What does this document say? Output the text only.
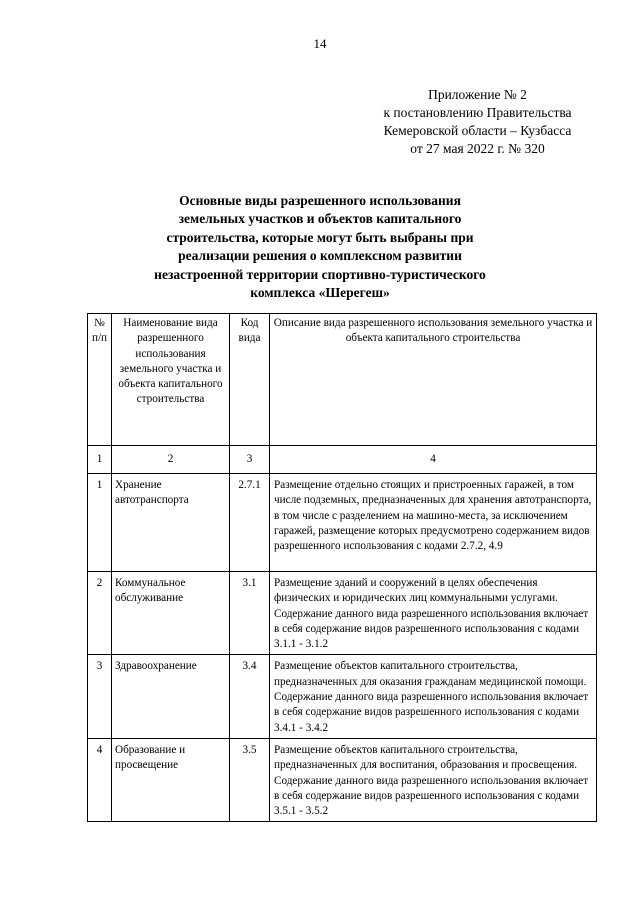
14
Приложение № 2
к постановлению Правительства
Кемеровской области – Кузбасса
от 27 мая 2022 г. № 320
Основные виды разрешенного использования
земельных участков и объектов капитального
строительства, которые могут быть выбраны при
реализации решения о комплексном развитии
незастроенной территории спортивно-туристического
комплекса «Шерегеш»
№ п/п	Наименование вида разрешенного использования земельного участка и объекта капитального строительства	Код вида	Описание вида разрешенного использования земельного участка и объекта капитального строительства
1	2	3	4
1	Хранение автотранспорта	2.7.1	Размещение отдельно стоящих и пристроенных гаражей, в том числе подземных, предназначенных для хранения автотранспорта, в том числе с разделением на машино-места, за исключением гаражей, размещение которых предусмотрено содержанием видов разрешенного использования с кодами 2.7.2, 4.9
2	Коммунальное обслуживание	3.1	Размещение зданий и сооружений в целях обеспечения физических и юридических лиц коммунальными услугами. Содержание данного вида разрешенного использования включает в себя содержание видов разрешенного использования с кодами 3.1.1 - 3.1.2
3	Здравоохранение	3.4	Размещение объектов капитального строительства, предназначенных для оказания гражданам медицинской помощи. Содержание данного вида разрешенного использования включает в себя содержание видов разрешенного использования с кодами 3.4.1 - 3.4.2
4	Образование и просвещение	3.5	Размещение объектов капитального строительства, предназначенных для воспитания, образования и просвещения. Содержание данного вида разрешенного использования включает в себя содержание видов разрешенного использования с кодами 3.5.1 - 3.5.2
